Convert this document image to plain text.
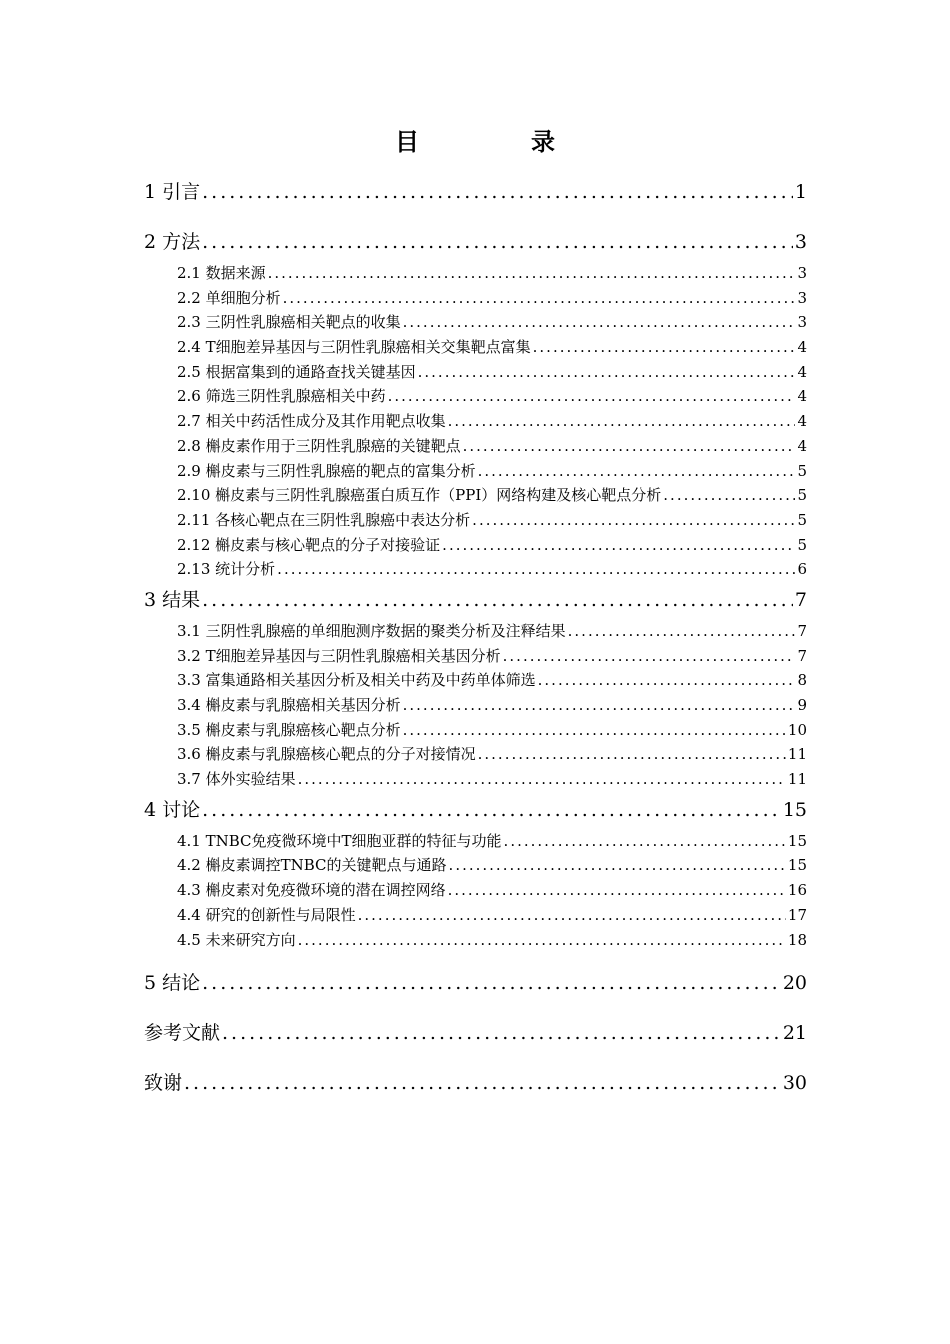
目　录
1 引言 .....	1
2 方法 .....	3
2.1 数据来源 .....	3
2.2 单细胞分析 .....	3
2.3 三阴性乳腺癌相关靶点的收集 .....	3
2.4 T细胞差异基因与三阴性乳腺癌相关交集靶点富集 .....	4
2.5 根据富集到的通路查找关键基因 .....	4
2.6 筛选三阴性乳腺癌相关中药 .....	4
2.7 相关中药活性成分及其作用靶点收集 .....	4
2.8 槲皮素作用于三阴性乳腺癌的关键靶点 .....	4
2.9 槲皮素与三阴性乳腺癌的靶点的富集分析 .....	5
2.10 槲皮素与三阴性乳腺癌蛋白质互作（PPI）网络构建及核心靶点分析 .....	5
2.11 各核心靶点在三阴性乳腺癌中表达分析 .....	5
2.12 槲皮素与核心靶点的分子对接验证 .....	5
2.13 统计分析 .....	6
3 结果 .....	7
3.1 三阴性乳腺癌的单细胞测序数据的聚类分析及注释结果 .....	7
3.2 T细胞差异基因与三阴性乳腺癌相关基因分析 .....	7
3.3 富集通路相关基因分析及相关中药及中药单体筛选 .....	8
3.4 槲皮素与乳腺癌相关基因分析 .....	9
3.5 槲皮素与乳腺癌核心靶点分析 .....	10
3.6 槲皮素与乳腺癌核心靶点的分子对接情况 .....	11
3.7 体外实验结果 .....	11
4 讨论 .....	15
4.1 TNBC免疫微环境中T细胞亚群的特征与功能 .....	15
4.2 槲皮素调控TNBC的关键靶点与通路 .....	15
4.3 槲皮素对免疫微环境的潜在调控网络 .....	16
4.4 研究的创新性与局限性 .....	17
4.5 未来研究方向 .....	18
5 结论 .....	20
参考文献 .....	21
致谢 .....	30
